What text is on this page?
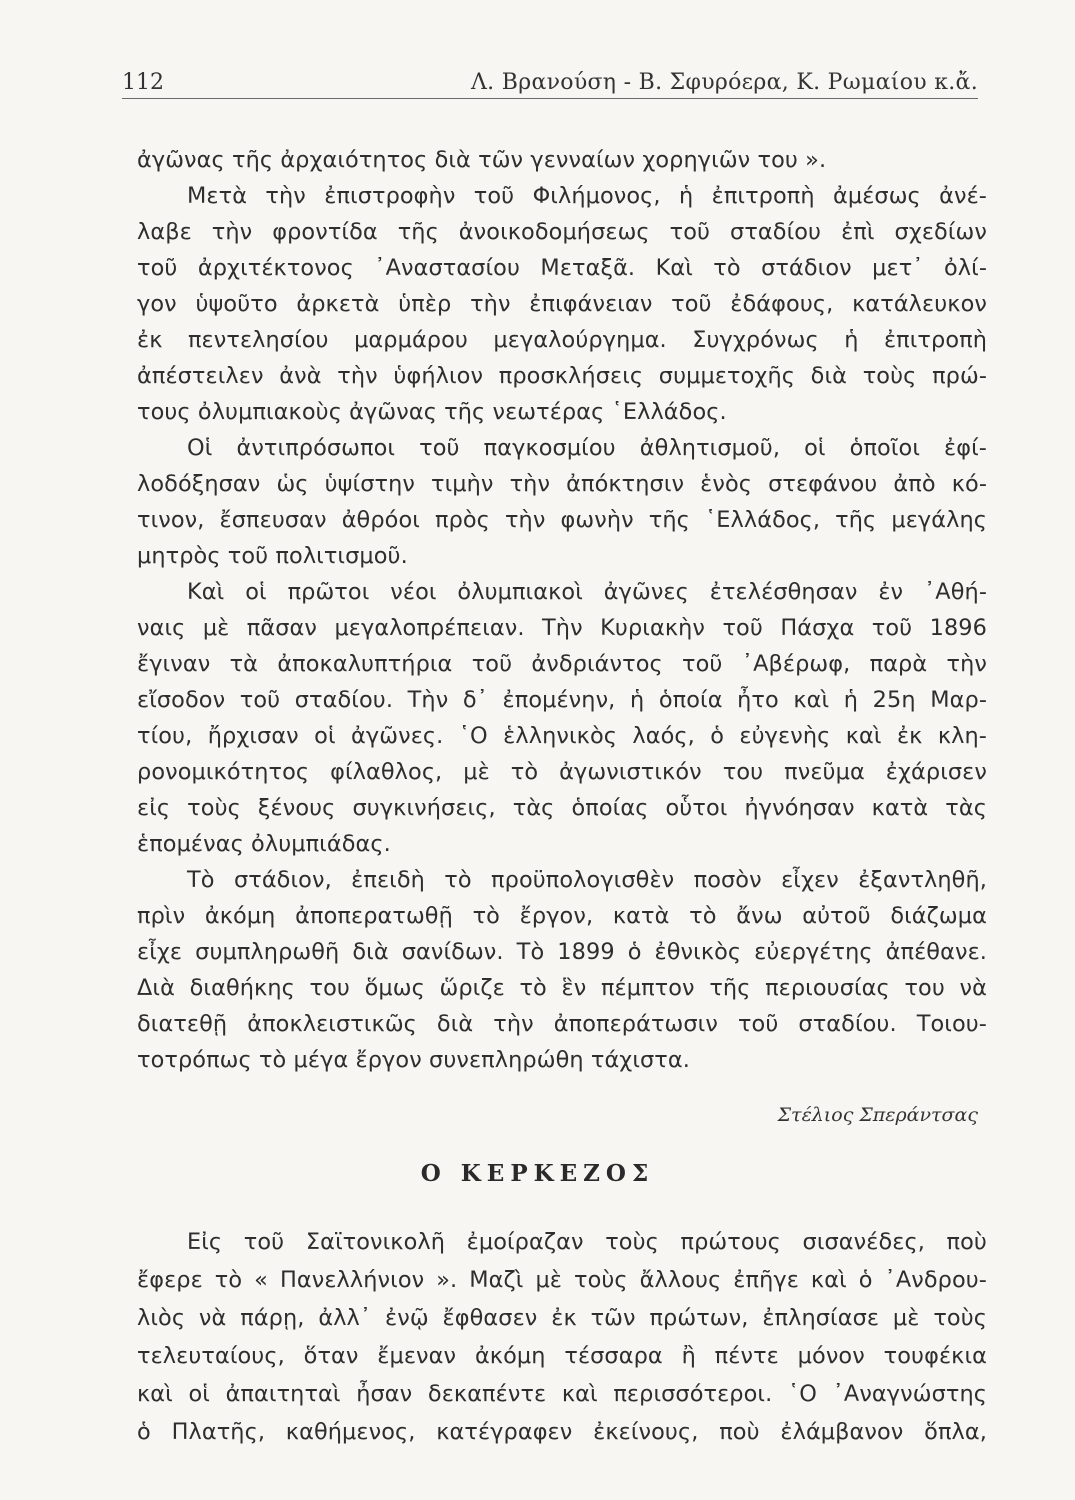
112	Λ. Βρανούση - Β. Σφυρόερα, Κ. Ρωμαίου κ.ἄ.
ἀγῶνας τῆς ἀρχαιότητος διὰ τῶν γενναίων χορηγιῶν του ».
Μετὰ τὴν ἐπιστροφὴν τοῦ Φιλήμονος, ἡ ἐπιτροπὴ ἀμέσως ἀνέ-
λαβε τὴν φροντίδα τῆς ἀνοικοδομήσεως τοῦ σταδίου ἐπὶ σχεδίων
τοῦ ἀρχιτέκτονος ᾿Αναστασίου Μεταξᾶ. Καὶ τὸ στάδιον μετ᾿ ὀλί-
γον ὑψοῦτο ἀρκετὰ ὑπὲρ τὴν ἐπιφάνειαν τοῦ ἐδάφους, κατάλευκον
ἐκ πεντελησίου μαρμάρου μεγαλούργημα. Συγχρόνως ἡ ἐπιτροπὴ
ἀπέστειλεν ἀνὰ τὴν ὑφήλιον προσκλήσεις συμμετοχῆς διὰ τοὺς πρώ-
τους ὀλυμπιακοὺς ἀγῶνας τῆς νεωτέρας ῾Ελλάδος.
Οἱ ἀντιπρόσωποι τοῦ παγκοσμίου ἀθλητισμοῦ, οἱ ὁποῖοι ἐφί-
λοδόξησαν ὡς ὑψίστην τιμὴν τὴν ἀπόκτησιν ἑνὸς στεφάνου ἀπὸ κό-
τινον, ἔσπευσαν ἀθρόοι πρὸς τὴν φωνὴν τῆς ῾Ελλάδος, τῆς μεγάλης
μητρὸς τοῦ πολιτισμοῦ.
Καὶ οἱ πρῶτοι νέοι ὀλυμπιακοὶ ἀγῶνες ἐτελέσθησαν ἐν ᾿Αθή-
ναις μὲ πᾶσαν μεγαλοπρέπειαν. Τὴν Κυριακὴν τοῦ Πάσχα τοῦ 1896
ἔγιναν τὰ ἀποκαλυπτήρια τοῦ ἀνδριάντος τοῦ ᾿Αβέρωφ, παρὰ τὴν
εἴσοδον τοῦ σταδίου. Τὴν δ᾿ ἐπομένην, ἡ ὁποία ἦτο καὶ ἡ 25η Μαρ-
τίου, ἤρχισαν οἱ ἀγῶνες. ῾Ο ἑλληνικὸς λαός, ὁ εὐγενὴς καὶ ἐκ κλη-
ρονομικότητος φίλαθλος, μὲ τὸ ἀγωνιστικόν του πνεῦμα ἐχάρισεν
εἰς τοὺς ξένους συγκινήσεις, τὰς ὁποίας οὗτοι ἠγνόησαν κατὰ τὰς
ἑπομένας ὀλυμπιάδας.
Τὸ στάδιον, ἐπειδὴ τὸ προϋπολογισθὲν ποσὸν εἶχεν ἐξαντληθῆ,
πρὶν ἀκόμη ἀποπερατωθῇ τὸ ἔργον, κατὰ τὸ ἄνω αὐτοῦ διάζωμα
εἶχε συμπληρωθῆ διὰ σανίδων. Τὸ 1899 ὁ ἐθνικὸς εὐεργέτης ἀπέθανε.
Διὰ διαθήκης του ὅμως ὥριζε τὸ ἓν πέμπτον τῆς περιουσίας του νὰ
διατεθῇ ἀποκλειστικῶς διὰ τὴν ἀποπεράτωσιν τοῦ σταδίου. Τοιου-
τοτρόπως τὸ μέγα ἔργον συνεπληρώθη τάχιστα.
Στέλιος Σπεράντσας
Ο ΚΕΡΚΕΖΟΣ
Εἰς τοῦ Σαϊτονικολῆ ἐμοίραζαν τοὺς πρώτους σισανέδες, ποὺ
ἔφερε τὸ « Πανελλήνιον ». Μαζὶ μὲ τοὺς ἄλλους ἐπῆγε καὶ ὁ ᾿Ανδρου-
λιὸς νὰ πάρῃ, ἀλλ᾿ ἐνῷ ἔφθασεν ἐκ τῶν πρώτων, ἐπλησίασε μὲ τοὺς
τελευταίους, ὅταν ἔμεναν ἀκόμη τέσσαρα ἢ πέντε μόνον τουφέκια
καὶ οἱ ἀπαιτηταὶ ἦσαν δεκαπέντε καὶ περισσότεροι. ῾Ο ᾿Αναγνώστης
ὁ Πλατῆς, καθήμενος, κατέγραφεν ἐκείνους, ποὺ ἐλάμβανον ὅπλα,
